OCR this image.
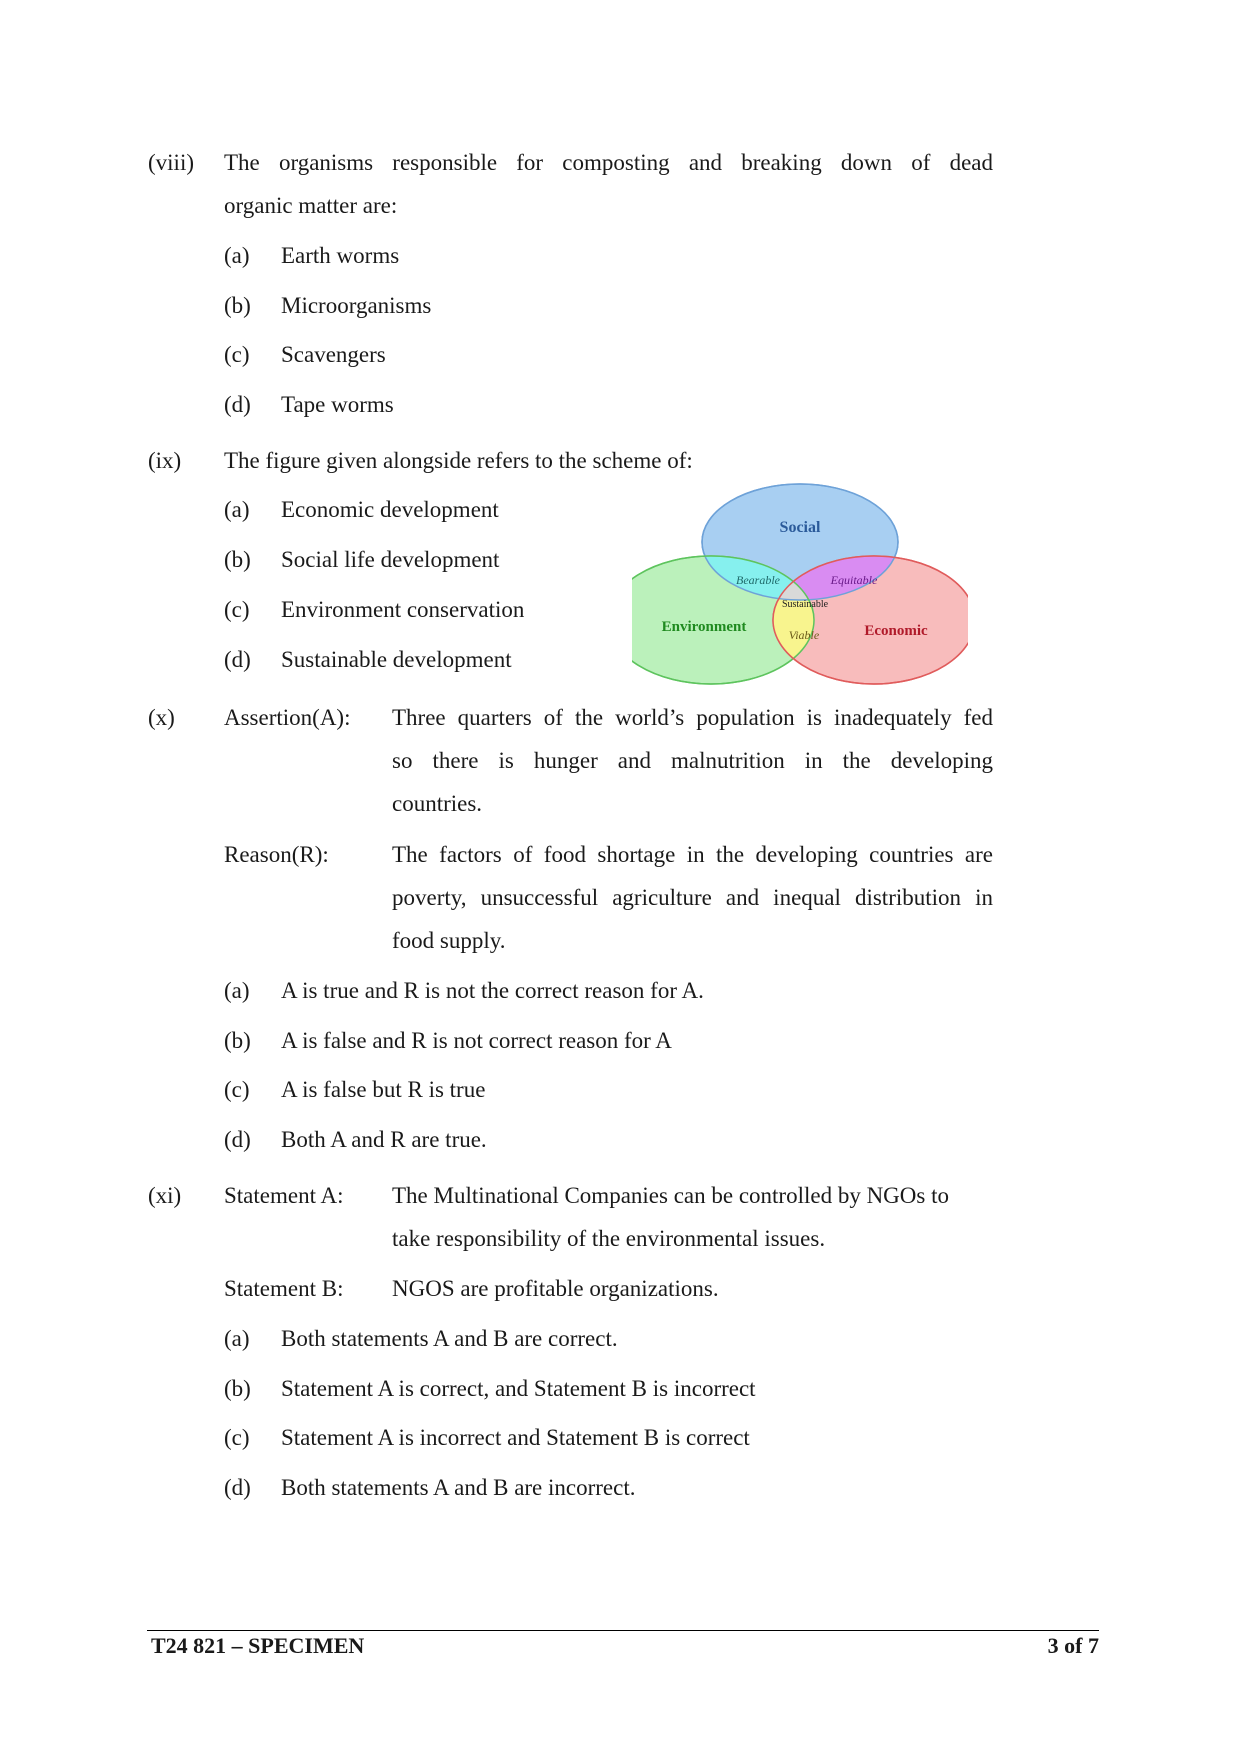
(viii) The organisms responsible for composting and breaking down of dead
organic matter are:
(a) Earth worms
(b) Microorganisms
(c) Scavengers
(d) Tape worms
(ix) The figure given alongside refers to the scheme of:
(a) Economic development
(b) Social life development
(c) Environment conservation
(d) Sustainable development
Social
Environment	Economic
Bearable	Equitable
Viable
Sustainable
(x) Assertion(A): Three quarters of the world’s population is inadequately fed
so there is hunger and malnutrition in the developing
countries.
Reason(R):	The factors of food shortage in the developing countries are
poverty, unsuccessful agriculture and inequal distribution in
food supply.
(a) A is true and R is not the correct reason for A.
(b) A is false and R is not correct reason for A
(c) A is false but R is true
(d) Both A and R are true.
(xi) Statement A: The Multinational Companies can be controlled by NGOs to
take responsibility of the environmental issues.
Statement B: NGOS are profitable organizations.
(a) Both statements A and B are correct.
(b) Statement A is correct, and Statement B is incorrect
(c) Statement A is incorrect and Statement B is correct
(d) Both statements A and B are incorrect.
T24 821 – SPECIMEN	3 of 7
